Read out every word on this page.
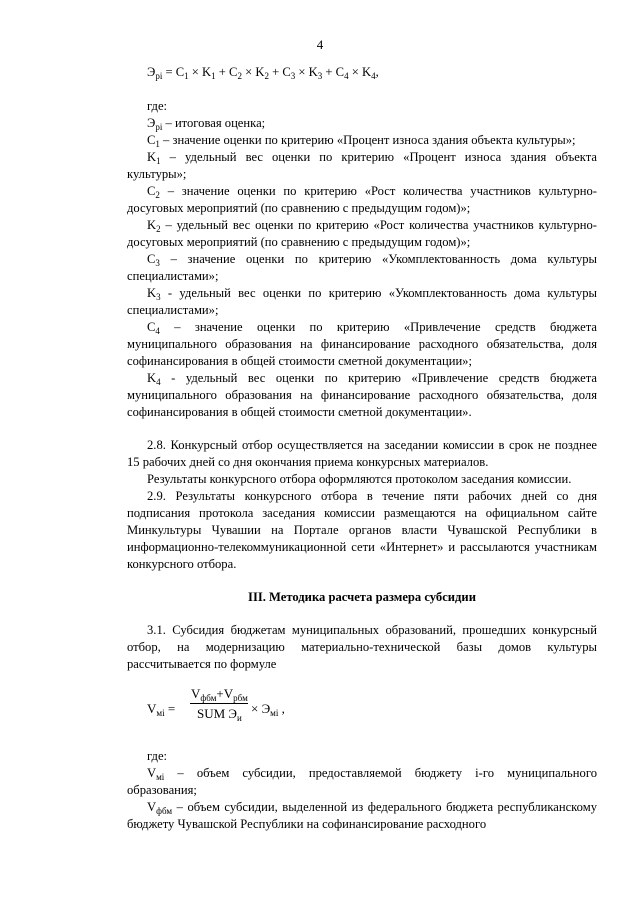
4

$Э_{рi} = C_1 \times K_1 + C_2 \times K_2 + C_3 \times K_3 + C_4 \times K_4$,

где:

$Э_{рi}$ – итоговая оценка;

$C_1$ – значение оценки по критерию «Процент износа здания объекта культуры»;

$K_1$ – удельный вес оценки по критерию «Процент износа здания объекта культуры»;

$C_2$ – значение оценки по критерию «Рост количества участников культурно-досуговых мероприятий (по сравнению с предыдущим годом)»;

$K_2$ – удельный вес оценки по критерию «Рост количества участников культурно-досуговых мероприятий (по сравнению с предыдущим годом)»;

$C_3$ – значение оценки по критерию «Укомплектованность дома культуры специалистами»;

$K_3$ - удельный вес оценки по критерию «Укомплектованность дома культуры специалистами»;

$C_4$ – значение оценки по критерию «Привлечение средств бюджета муниципального образования на финансирование расходного обязательства, доля софинансирования в общей стоимости сметной документации»;

$K_4$ - удельный вес оценки по критерию «Привлечение средств бюджета муниципального образования на финансирование расходного обязательства, доля софинансирования в общей стоимости сметной документации».

2.8. Конкурсный отбор осуществляется на заседании комиссии в срок не позднее 15 рабочих дней со дня окончания приема конкурсных материалов.

Результаты конкурсного отбора оформляются протоколом заседания комиссии.

2.9. Результаты конкурсного отбора в течение пяти рабочих дней со дня подписания протокола заседания комиссии размещаются на официальном сайте Минкультуры Чувашии на Портале органов власти Чувашской Республики в информационно-телекоммуникационной сети «Интернет» и рассылаются участникам конкурсного отбора.

III. Методика расчета размера субсидии

3.1. Субсидия бюджетам муниципальных образований, прошедших конкурсный отбор, на модернизацию материально-технической базы домов культуры рассчитывается по формуле

$V_{мi}$ =
$V_{фбм}+V_{рбм}$
SUM $Э_и$
× $Э_{мi}$ ,

где:

$V_{мi}$ – объем субсидии, предоставляемой бюджету i-го муниципального образования;

$V_{фбм}$ – объем субсидии, выделенной из федерального бюджета республиканскому бюджету Чувашской Республики на софинансирование расходного
